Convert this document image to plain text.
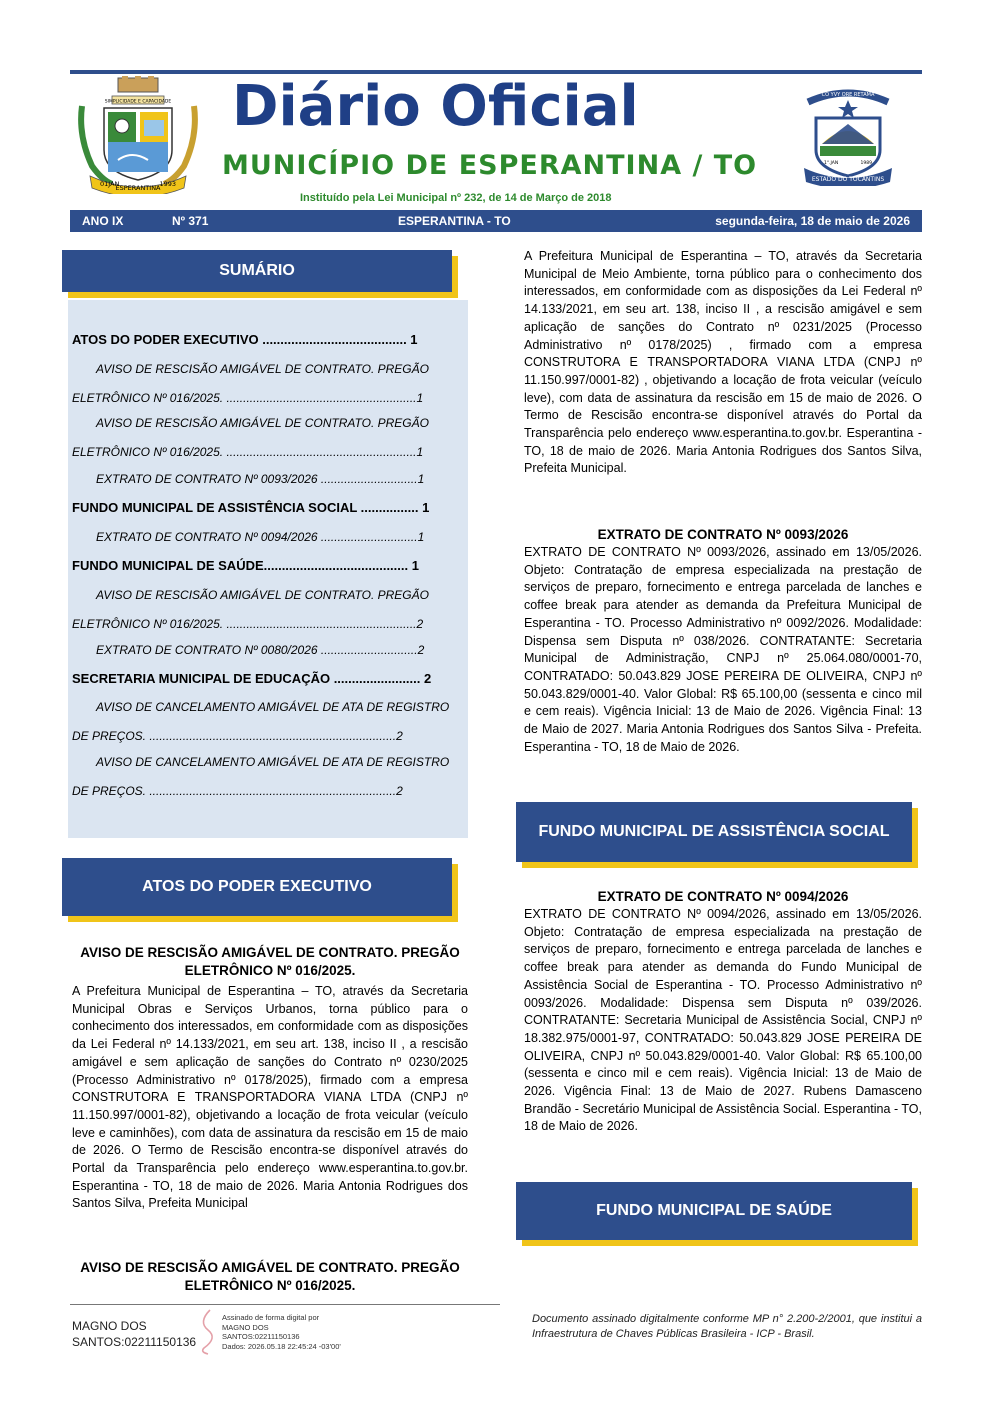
SIMPLICIDADE E CAPACIDADE
01JAN
ESPERANTINA
1993
Diário Oficial
MUNICÍPIO DE ESPERANTINA / TO
Instituído pela Lei Municipal nº 232, de 14 de Março de 2018
CO YVY ORE RETAMA
1°.JAN	1989
ESTADO DO TOCANTINS
ANO IX	Nº 371	ESPERANTINA - TO	segunda-feira, 18 de maio de 2026
SUMÁRIO
ATOS DO PODER EXECUTIVO ........................................ 1
AVISO DE RESCISÃO AMIGÁVEL DE CONTRATO. PREGÃO
ELETRÔNICO Nº 016/2025. .........................................................1
AVISO DE RESCISÃO AMIGÁVEL DE CONTRATO. PREGÃO
ELETRÔNICO Nº 016/2025. .........................................................1
EXTRATO DE CONTRATO Nº 0093/2026 .............................1
FUNDO MUNICIPAL DE ASSISTÊNCIA SOCIAL ................ 1
EXTRATO DE CONTRATO Nº 0094/2026 .............................1
FUNDO MUNICIPAL DE SAÚDE........................................ 1
AVISO DE RESCISÃO AMIGÁVEL DE CONTRATO. PREGÃO
ELETRÔNICO Nº 016/2025. .........................................................2
EXTRATO DE CONTRATO Nº 0080/2026 .............................2
SECRETARIA MUNICIPAL DE EDUCAÇÃO ........................ 2
AVISO DE CANCELAMENTO AMIGÁVEL DE ATA DE REGISTRO
DE PREÇOS. ..........................................................................2
AVISO DE CANCELAMENTO AMIGÁVEL DE ATA DE REGISTRO
DE PREÇOS. ..........................................................................2
ATOS DO PODER EXECUTIVO
AVISO DE RESCISÃO AMIGÁVEL DE CONTRATO. PREGÃO ELETRÔNICO Nº 016/2025.
A Prefeitura Municipal de Esperantina – TO, através da Secretaria Municipal Obras e Serviços Urbanos, torna público para o conhecimento dos interessados, em conformidade com as disposições da Lei Federal nº 14.133/2021, em seu art. 138, inciso II , a rescisão amigável e sem aplicação de sanções do Contrato nº 0230/2025 (Processo Administrativo nº 0178/2025), firmado com a empresa CONSTRUTORA E TRANSPORTADORA VIANA LTDA (CNPJ nº 11.150.997/0001-82), objetivando a locação de frota veicular (veículo leve e caminhões), com data de assinatura da rescisão em 15 de maio de 2026. O Termo de Rescisão encontra-se disponível através do Portal da Transparência pelo endereço www.esperantina.to.gov.br. Esperantina - TO, 18 de maio de 2026. Maria Antonia Rodrigues dos Santos Silva, Prefeita Municipal
AVISO DE RESCISÃO AMIGÁVEL DE CONTRATO. PREGÃO ELETRÔNICO Nº 016/2025.
A Prefeitura Municipal de Esperantina – TO, através da Secretaria Municipal de Meio Ambiente, torna público para o conhecimento dos interessados, em conformidade com as disposições da Lei Federal nº 14.133/2021, em seu art. 138, inciso II , a rescisão amigável e sem aplicação de sanções do Contrato nº 0231/2025 (Processo Administrativo nº 0178/2025) , firmado com a empresa CONSTRUTORA E TRANSPORTADORA VIANA LTDA (CNPJ nº 11.150.997/0001-82) , objetivando a locação de frota veicular (veículo leve), com data de assinatura da rescisão em 15 de maio de 2026. O Termo de Rescisão encontra-se disponível através do Portal da Transparência pelo endereço www.esperantina.to.gov.br. Esperantina - TO, 18 de maio de 2026. Maria Antonia Rodrigues dos Santos Silva, Prefeita Municipal.
EXTRATO DE CONTRATO Nº 0093/2026
EXTRATO DE CONTRATO Nº 0093/2026, assinado em 13/05/2026. Objeto: Contratação de empresa especializada na prestação de serviços de preparo, fornecimento e entrega parcelada de lanches e coffee break para atender as demanda da Prefeitura Municipal de Esperantina - TO. Processo Administrativo nº 0092/2026. Modalidade: Dispensa sem Disputa nº 038/2026. CONTRATANTE: Secretaria Municipal de Administração, CNPJ nº 25.064.080/0001-70, CONTRATADO: 50.043.829 JOSE PEREIRA DE OLIVEIRA, CNPJ nº 50.043.829/0001-40. Valor Global: R$ 65.100,00 (sessenta e cinco mil e cem reais). Vigência Inicial: 13 de Maio de 2026. Vigência Final: 13 de Maio de 2027. Maria Antonia Rodrigues dos Santos Silva - Prefeita. Esperantina - TO, 18 de Maio de 2026.
FUNDO MUNICIPAL DE ASSISTÊNCIA SOCIAL
EXTRATO DE CONTRATO Nº 0094/2026
EXTRATO DE CONTRATO Nº 0094/2026, assinado em 13/05/2026. Objeto: Contratação de empresa especializada na prestação de serviços de preparo, fornecimento e entrega parcelada de lanches e coffee break para atender as demanda do Fundo Municipal de Assistência Social de Esperantina - TO. Processo Administrativo nº 0093/2026. Modalidade: Dispensa sem Disputa nº 039/2026. CONTRATANTE: Secretaria Municipal de Assistência Social, CNPJ nº 18.382.975/0001-97, CONTRATADO: 50.043.829 JOSE PEREIRA DE OLIVEIRA, CNPJ nº 50.043.829/0001-40. Valor Global: R$ 65.100,00 (sessenta e cinco mil e cem reais). Vigência Inicial: 13 de Maio de 2026. Vigência Final: 13 de Maio de 2027. Rubens Damasceno Brandão - Secretário Municipal de Assistência Social. Esperantina - TO, 18 de Maio de 2026.
FUNDO MUNICIPAL DE SAÚDE
MAGNO DOS
SANTOS:02211150136
Assinado de forma digital por
MAGNO DOS
SANTOS:02211150136
Dados: 2026.05.18 22:45:24 -03'00'
Documento assinado digitalmente conforme MP n° 2.200-2/2001, que institui a Infraestrutura de Chaves Públicas Brasileira - ICP - Brasil.
